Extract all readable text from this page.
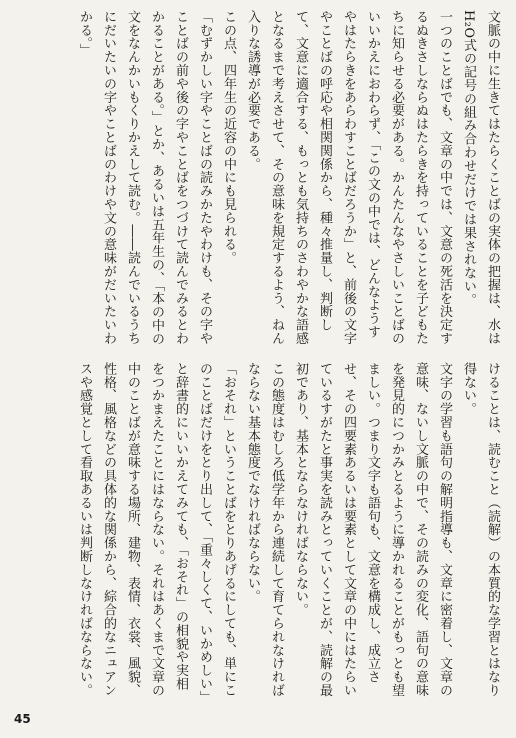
文脈の中に生きてはたらくことばの実体の把握は、水はH₂O式の記号の組み合わせだけでは果されない。

一つのことばでも、文章の中では、文意の死活を決定するぬきさしならぬはたらきを持っていることを子どもたちに知らせる必要がある。かんたんなやさしいことばのいいかえにおわらず、「この文の中では、どんなようすやはたらきをあらわすことばだろうか」と、前後の文字やことばの呼応や相関関係から、種々推量し、判断して、文意に適合する、もっとも気持ちのさわやかな語感となるまで考えさせて、その意味を規定するよう、ねん入りな誘導が必要である。

この点、四年生の近容の中にも見られる。

「むずかしい字やことばの読みかたやわけも、その字やことばの前や後の字やことばをつづけて読んでみるとわかることがある。」とか、あるいは五年生の、「本の中の文をなんかいもくりかえして読む。――読んでいるうちにだいたいの字やことばのわけや文の意味がだいたいわかる。」

けることは、読むこと（読解）の本質的な学習とはなり得ない。

文字の学習も語句の解明指導も、文章に密着し、文章の意味、ないし文脈の中で、その読みの変化、語句の意味を発見的につかみとるように導かれることがもっとも望ましい。つまり文字も語句も、文意を構成し、成立させ、その四要素あるいは要素として文章の中にはたらいているすがたと事実を読みとっていくことが、読解の最初であり、基本とならなければならない。

この態度はむしろ低学年から連続して育てられなければならない基本態度でなければならない。

「おそれ」ということばをとりあげるにしても、単にこのことばだけをとり出して、「重々しくて、いかめしい」と辞書的にいいかえてみても、「おそれ」の相貌や実相をつかまえたことにはならない。それはあくまで文章の中のことばが意味する場所、建物、表情、衣裳、風貌、性格、風格などの具体的な関係から、綜合的なニュアンスや感覚として看取あるいは判断しなければならない。

45
